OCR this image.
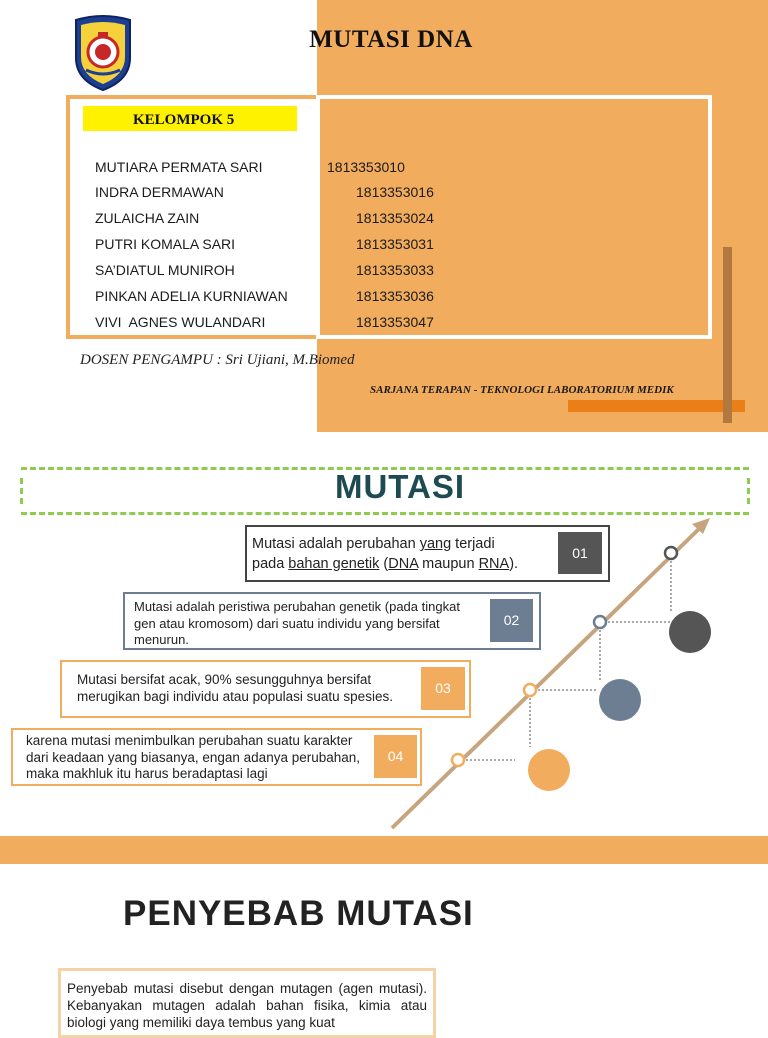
MUTASI DNA
KELOMPOK 5
MUTIARA PERMATA SARI	1813353010
INDRA DERMAWAN	1813353016
ZULAICHA ZAIN	1813353024
PUTRI KOMALA SARI	1813353031
SA’DIATUL MUNIROH	1813353033
PINKAN ADELIA KURNIAWAN	1813353036
VIVI  AGNES WULANDARI	1813353047
DOSEN PENGAMPU : Sri Ujiani, M.Biomed
SARJANA TERAPAN - TEKNOLOGI LABORATORIUM MEDIK
MUTASI
Mutasi adalah perubahan yang terjadi
pada bahan genetik (DNA maupun RNA).
01
Mutasi adalah peristiwa perubahan genetik (pada tingkat gen atau kromosom) dari suatu individu yang bersifat menurun.
02
Mutasi bersifat acak, 90% sesungguhnya bersifat merugikan bagi individu atau populasi suatu spesies.
03
karena mutasi menimbulkan perubahan suatu karakter dari keadaan yang biasanya, engan adanya perubahan, maka makhluk itu harus beradaptasi lagi
04
PENYEBAB MUTASI
Penyebab mutasi disebut dengan mutagen (agen mutasi). Kebanyakan mutagen adalah bahan fisika, kimia atau biologi yang memiliki daya tembus yang kuat
